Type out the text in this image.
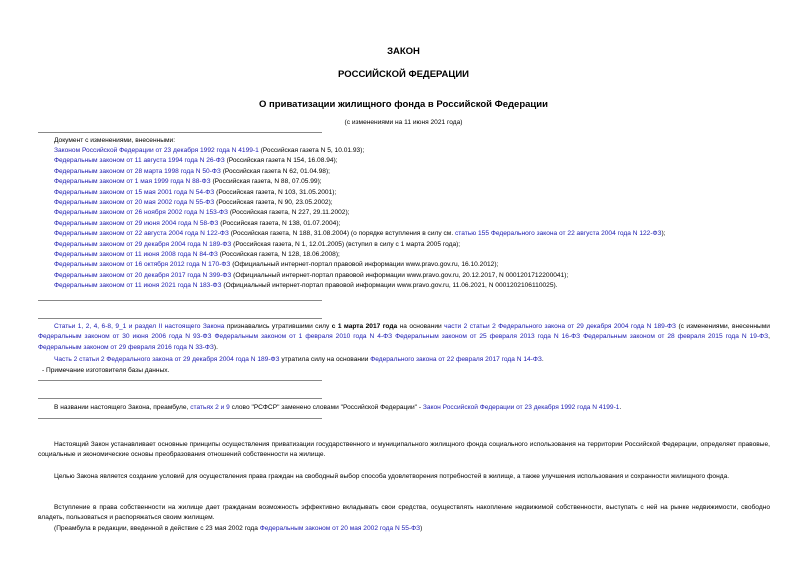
ЗАКОН
РОССИЙСКОЙ ФЕДЕРАЦИИ
О приватизации жилищного фонда в Российской Федерации
(с изменениями на 11 июня 2021 года)
Документ с изменениями, внесенными:
Законом Российской Федерации от 23 декабря 1992 года N 4199-1 (Российская газета N 5, 10.01.93);
Федеральным законом от 11 августа 1994 года N 26-ФЗ (Российская газета N 154, 16.08.94);
Федеральным законом от 28 марта 1998 года N 50-ФЗ (Российская газета N 62, 01.04.98);
Федеральным законом от 1 мая 1999 года N 88-ФЗ (Российская газета, N 88, 07.05.99);
Федеральным законом от 15 мая 2001 года N 54-ФЗ (Российская газета, N 103, 31.05.2001);
Федеральным законом от 20 мая 2002 года N 55-ФЗ (Российская газета, N 90, 23.05.2002);
Федеральным законом от 26 ноября 2002 года N 153-ФЗ (Российская газета, N 227, 29.11.2002);
Федеральным законом от 29 июня 2004 года N 58-ФЗ (Российская газета, N 138, 01.07.2004);
Федеральным законом от 22 августа 2004 года N 122-ФЗ (Российская газета, N 188, 31.08.2004) (о порядке вступления в силу см. статью 155 Федерального закона от 22 августа 2004 года N 122-ФЗ);
Федеральным законом от 29 декабря 2004 года N 189-ФЗ (Российская газета, N 1, 12.01.2005) (вступил в силу с 1 марта 2005 года);
Федеральным законом от 11 июня 2008 года N 84-ФЗ (Российская газета, N 128, 18.06.2008);
Федеральным законом от 16 октября 2012 года N 170-ФЗ (Официальный интернет-портал правовой информации www.pravo.gov.ru, 16.10.2012);
Федеральным законом от 20 декабря 2017 года N 399-ФЗ (Официальный интернет-портал правовой информации www.pravo.gov.ru, 20.12.2017, N 0001201712200041);
Федеральным законом от 11 июня 2021 года N 183-ФЗ (Официальный интернет-портал правовой информации www.pravo.gov.ru, 11.06.2021, N 0001202106110025).
Статьи 1, 2, 4, 6-8, 9_1 и раздел II настоящего Закона признавались утратившими силу с 1 марта 2017 года на основании части 2 статьи 2 Федерального закона от 29 декабря 2004 года N 189-ФЗ (с изменениями, внесенными Федеральным законом от 30 июня 2006 года N 93-ФЗ Федеральным законом от 1 февраля 2010 года N 4-ФЗ Федеральным законом от 25 февраля 2013 года N 16-ФЗ Федеральным законом от 28 февраля 2015 года N 19-ФЗ, Федеральным законом от 29 февраля 2016 года N 33-ФЗ).
Часть 2 статьи 2 Федерального закона от 29 декабря 2004 года N 189-ФЗ утратила силу на основании Федерального закона от 22 февраля 2017 года N 14-ФЗ.
- Примечание изготовителя базы данных.
В названии настоящего Закона, преамбуле, статьях 2 и 9 слово "РСФСР" заменено словами "Российской Федерации" - Закон Российской Федерации от 23 декабря 1992 года N 4199-1.
Настоящий Закон устанавливает основные принципы осуществления приватизации государственного и муниципального жилищного фонда социального использования на территории Российской Федерации, определяет правовые, социальные и экономические основы преобразования отношений собственности на жилище.
Целью Закона является создание условий для осуществления права граждан на свободный выбор способа удовлетворения потребностей в жилище, а также улучшения использования и сохранности жилищного фонда.
Вступление в права собственности на жилище дает гражданам возможность эффективно вкладывать свои средства, осуществлять накопление недвижимой собственности, выступать с ней на рынке недвижимости, свободно владеть, пользоваться и распоряжаться своим жилищем.
(Преамбула в редакции, введенной в действие с 23 мая 2002 года Федеральным законом от 20 мая 2002 года N 55-ФЗ)
